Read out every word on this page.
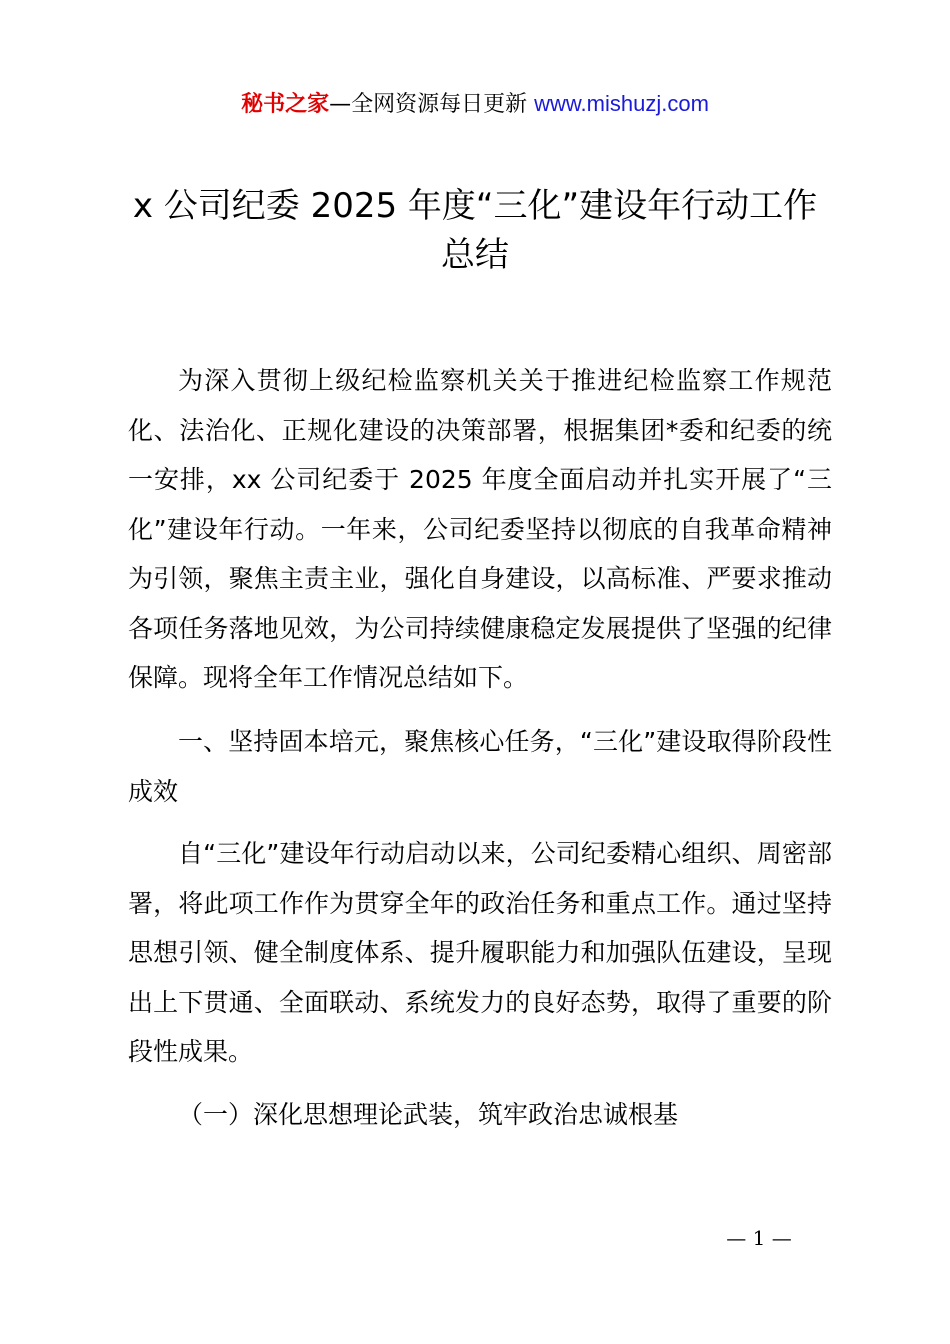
秘书之家—全网资源每日更新 www.mishuzj.com
x 公司纪委 2025 年度“三化”建设年行动工作
总结

为深入贯彻上级纪检监察机关关于推进纪检监察工作规范化、法治化、正规化建设的决策部署，根据集团*委和纪委的统一安排，xx 公司纪委于 2025 年度全面启动并扎实开展了“三化”建设年行动。一年来，公司纪委坚持以彻底的自我革命精神为引领，聚焦主责主业，强化自身建设，以高标准、严要求推动各项任务落地见效，为公司持续健康稳定发展提供了坚强的纪律保障。现将全年工作情况总结如下。

一、坚持固本培元，聚焦核心任务，“三化”建设取得阶段性成效

自“三化”建设年行动启动以来，公司纪委精心组织、周密部署，将此项工作作为贯穿全年的政治任务和重点工作。通过坚持思想引领、健全制度体系、提升履职能力和加强队伍建设，呈现出上下贯通、全面联动、系统发力的良好态势，取得了重要的阶段性成果。

（一）深化思想理论武装，筑牢政治忠诚根基

— 1 —
